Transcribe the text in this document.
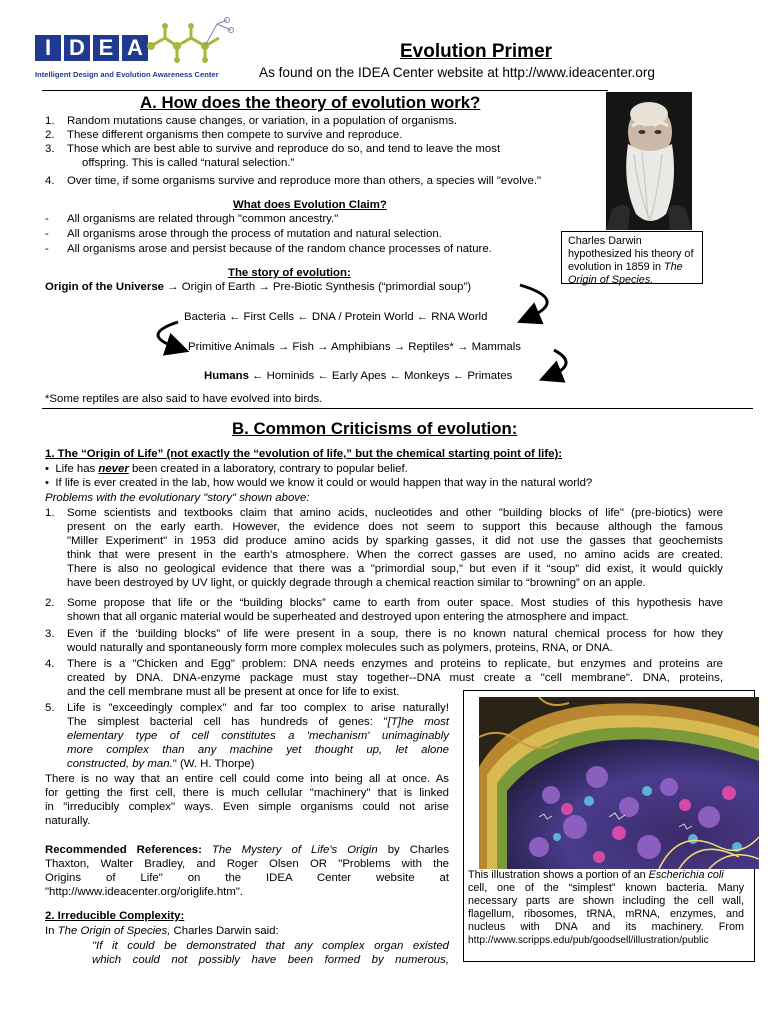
I D E A
Intelligent Design and Evolution Awareness Center
Evolution Primer
As found on the IDEA Center website at http://www.ideacenter.org
Charles Darwin hypothesized his theory of evolution in 1859 in The Origin of Species.
A. How does the theory of evolution work?
1. Random mutations cause changes, or variation, in a population of organisms.
2. These different organisms then compete to survive and reproduce.
3. Those which are best able to survive and reproduce do so, and tend to leave the most
offspring. This is called “natural selection.”
4. Over time, if some organisms survive and reproduce more than others, a species will "evolve."
What does Evolution Claim?
- All organisms are related through "common ancestry."
- All organisms arose through the process of mutation and natural selection.
- All organisms arose and persist because of the random chance processes of nature.
The story of evolution:
Origin of the Universe → Origin of Earth → Pre-Biotic Synthesis (“primordial soup”)
Bacteria ← First Cells ← DNA / Protein World ← RNA World
Primitive Animals → Fish → Amphibians → Reptiles* → Mammals
Humans ← Hominids ← Early Apes ← Monkeys ← Primates
*Some reptiles are also said to have evolved into birds.
B. Common Criticisms of evolution:
1. The “Origin of Life” (not exactly the “evolution of life,” but the chemical starting point of life):
•  Life has never been created in a laboratory, contrary to popular belief.
•  If life is ever created in the lab, how would we know it could or would happen that way in the natural world?
Problems with the evolutionary "story" shown above:
1. Some scientists and textbooks claim that amino acids, nucleotides and other "building blocks of life" (pre-biotics) were
present on the early earth. However, the evidence does not seem to support this because although the famous
"Miller Experiment" in 1953 did produce amino acids by sparking gasses, it did not use the gasses that geochemists
think that were present in the earth’s atmosphere. When the correct gasses are used, no amino acids are created.
There is also no geological evidence that there was a "primordial soup," but even if it “soup” did exist, it would quickly
have been destroyed by UV light, or quickly degrade through a chemical reaction similar to “browning” on an apple.
2. Some propose that life or the “building blocks” came to earth from outer space. Most studies of this hypothesis have
shown that all organic material would be superheated and destroyed upon entering the atmosphere and impact.
3. Even if the ‘building blocks” of life were present in a soup, there is no known natural chemical process for how they
would naturally and spontaneously form more complex molecules such as polymers, proteins, RNA, or DNA.
4. There is a "Chicken and Egg" problem: DNA needs enzymes and proteins to replicate, but enzymes and proteins are
created by DNA. DNA-enzyme package must stay together--DNA must create a "cell membrane". DNA, proteins,
and the cell membrane must all be present at once for life to exist.
5. Life is "exceedingly complex" and far too complex to arise naturally!
The simplest bacterial cell has hundreds of genes: "[T]he most
elementary type of cell constitutes a 'mechanism' unimaginably
more complex than any machine yet thought up, let alone
constructed, by man." (W. H. Thorpe)
There is no way that an entire cell could come into being all at once. As
for getting the first cell, there is much cellular "machinery" that is linked
in "irreducibly complex" ways. Even simple organisms could not arise
naturally.
Recommended References: The Mystery of Life's Origin by Charles
Thaxton, Walter Bradley, and Roger Olsen OR "Problems with the
Origins of Life" on the IDEA Center website at
"http://www.ideacenter.org/origlife.htm".
2. Irreducible Complexity:
In The Origin of Species, Charles Darwin said:
"If it could be demonstrated that any complex organ existed
which could not possibly have been formed by numerous,
This illustration shows a portion of an Escherichia coli
cell, one of the “simplest” known bacteria. Many
necessary parts are shown including the cell wall,
flagellum, ribosomes, tRNA, mRNA, enzymes, and
nucleus with DNA and its machinery. From
http://www.scripps.edu/pub/goodsell/illustration/public
